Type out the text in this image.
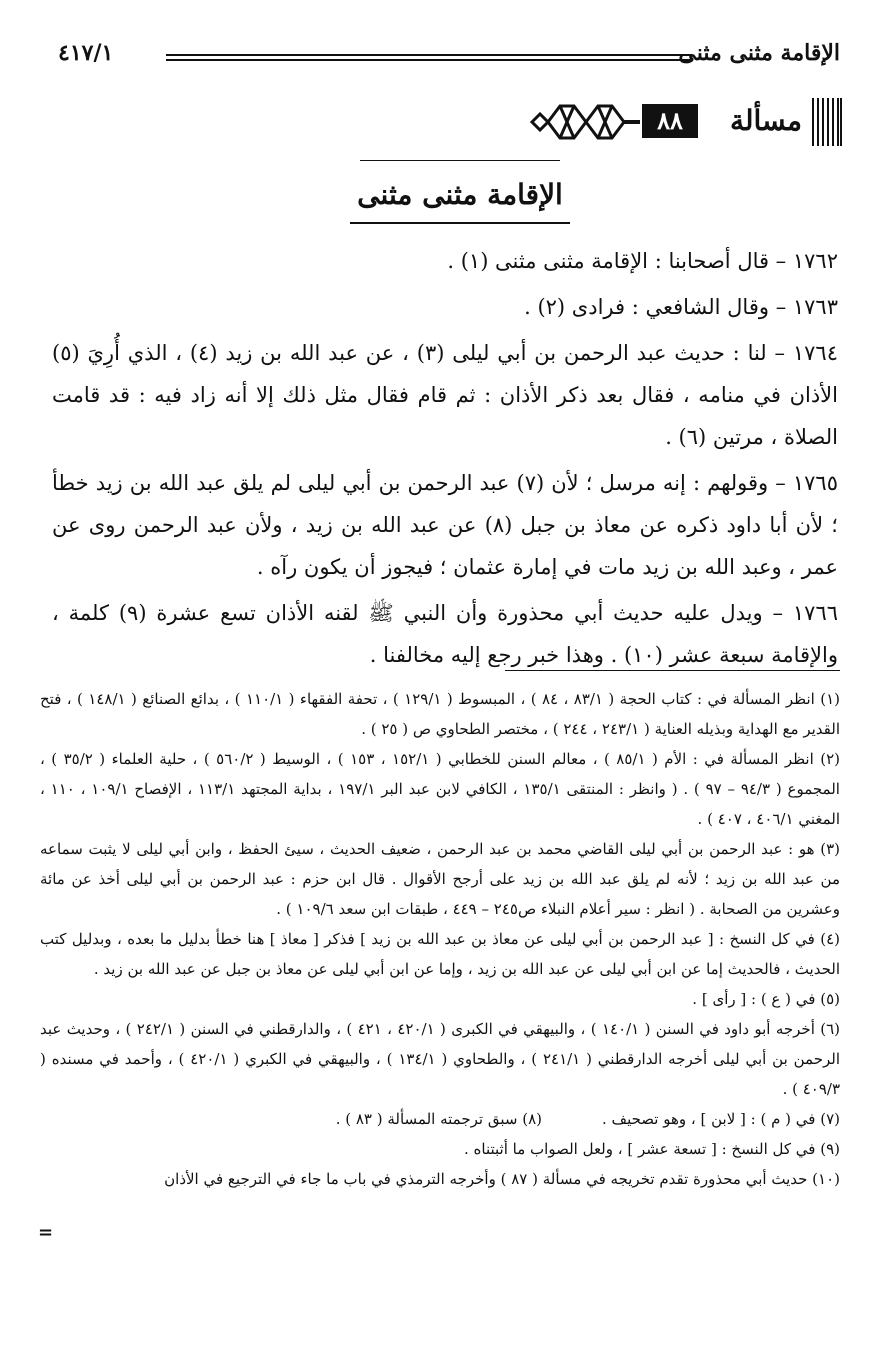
الإقامة مثنى مثنى
٤١٧/١
مسألة
٨٨
الإقامة مثنى مثنى

١٧٦٢ – قال أصحابنا : الإقامة مثنى مثنى (١) .

١٧٦٣ – وقال الشافعي : فرادى (٢) .

١٧٦٤ – لنا : حديث عبد الرحمن بن أبي ليلى (٣) ، عن عبد الله بن زيد (٤) ، الذي أُرِيَ (٥) الأذان في منامه ، فقال بعد ذكر الأذان : ثم قام فقال مثل ذلك إلا أنه زاد فيه : قد قامت الصلاة ، مرتين (٦) .

١٧٦٥ – وقولهم : إنه مرسل ؛ لأن (٧) عبد الرحمن بن أبي ليلى لم يلق عبد الله بن زيد خطأ ؛ لأن أبا داود ذكره عن معاذ بن جبل (٨) عن عبد الله بن زيد ، ولأن عبد الرحمن روى عن عمر ، وعبد الله بن زيد مات في إمارة عثمان ؛ فيجوز أن يكون رآه .

١٧٦٦ – ويدل عليه حديث أبي محذورة وأن النبي ﷺ لقنه الأذان تسع عشرة (٩) كلمة ، والإقامة سبعة عشر (١٠) . وهذا خبر رجع إليه مخالفنا .

(١) انظر المسألة في : كتاب الحجة ( ٨٣/١ ، ٨٤ ) ، المبسوط ( ١٢٩/١ ) ، تحفة الفقهاء ( ١١٠/١ ) ، بدائع الصنائع ( ١٤٨/١ ) ، فتح القدير مع الهداية وبذيله العناية ( ٢٤٣/١ ، ٢٤٤ ) ، مختصر الطحاوي ص ( ٢٥ ) .

(٢) انظر المسألة في : الأم ( ٨٥/١ ) ، معالم السنن للخطابي ( ١٥٢/١ ، ١٥٣ ) ، الوسيط ( ٥٦٠/٢ ) ، حلية العلماء ( ٣٥/٢ ) ، المجموع ( ٩٤/٣ – ٩٧ ) . ( وانظر : المنتقى ١٣٥/١ ، الكافي لابن عبد البر ١٩٧/١ ، بداية المجتهد ١١٣/١ ، الإفصاح ١٠٩/١ ، ١١٠ ، المغني ٤٠٦/١ ، ٤٠٧ ) .

(٣) هو : عبد الرحمن بن أبي ليلى القاضي محمد بن عبد الرحمن ، ضعيف الحديث ، سيئ الحفظ ، وابن أبي ليلى لا يثبت سماعه من عبد الله بن زيد ؛ لأنه لم يلق عبد الله بن زيد على أرجح الأقوال . قال ابن حزم : عبد الرحمن بن أبي ليلى أخذ عن مائة وعشرين من الصحابة . ( انظر : سير أعلام النبلاء ص٢٤٥ – ٤٤٩ ، طبقات ابن سعد ١٠٩/٦ ) .

(٤) في كل النسخ : [ عبد الرحمن بن أبي ليلى عن معاذ بن عبد الله بن زيد ] فذكر [ معاذ ] هنا خطأ بدليل ما بعده ، وبدليل كتب الحديث ، فالحديث إما عن ابن أبي ليلى عن عبد الله بن زيد ، وإما عن ابن أبي ليلى عن معاذ بن جبل عن عبد الله بن زيد .

(٥) في ( ع ) : [ رأى ] .

(٦) أخرجه أبو داود في السنن ( ١٤٠/١ ) ، والبيهقي في الكبرى ( ٤٢٠/١ ، ٤٢١ ) ، والدارقطني في السنن ( ٢٤٢/١ ) ، وحديث عبد الرحمن بن أبي ليلى أخرجه الدارقطني ( ٢٤١/١ ) ، والطحاوي ( ١٣٤/١ ) ، والبيهقي في الكبري ( ٤٢٠/١ ) ، وأحمد في مسنده ( ٤٠٩/٣ ) .

(٧) في ( م ) : [ لابن ] ، وهو تصحيف .
(٨) سبق ترجمته المسألة ( ٨٣ ) .

(٩) في كل النسخ : [ تسعة عشر ] ، ولعل الصواب ما أثبتناه .

(١٠) حديث أبي محذورة تقدم تخريجه في مسألة ( ٨٧ ) وأخرجه الترمذي في باب ما جاء في الترجيع في الأذان

=
